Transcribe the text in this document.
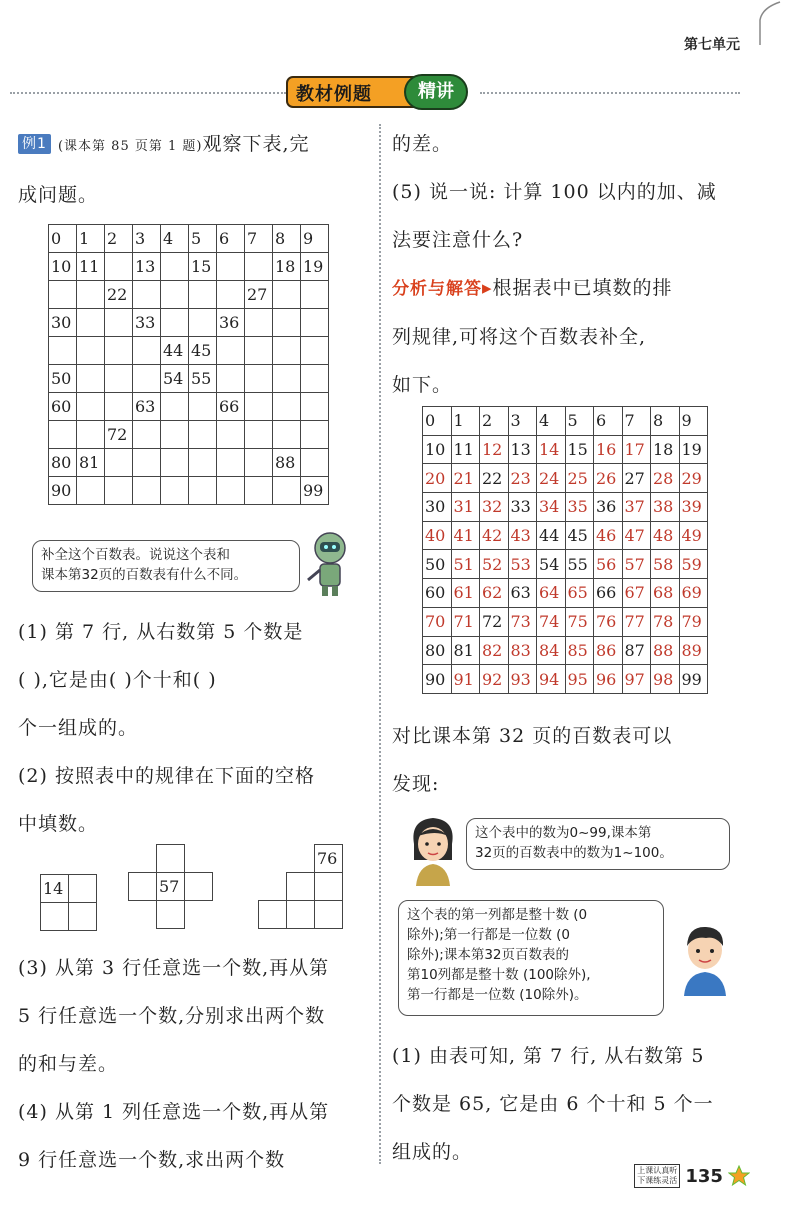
第七单元
教材例题	精讲
例1 (课本第 85 页第 1 题)观察下表,完
成问题。
0	1	2	3	4	5	6	7	8	9
10	11		13		15			18	19
		22					27		
30			33			36			
				44	45				
50				54	55				
60			63			66			
		72							
80	81							88	
90									99
补全这个百数表。说说这个表和
课本第32页的百数表有什么不同。
(1) 第 7 行, 从右数第 5 个数是
( ),它是由( )个十和( )
个一组成的。
(2) 按照表中的规律在下面的空格
中填数。
14	

		57	

		76

(3) 从第 3 行任意选一个数,再从第
5 行任意选一个数,分别求出两个数
的和与差。
(4) 从第 1 列任意选一个数,再从第
9 行任意选一个数,求出两个数
的差。
(5) 说一说: 计算 100 以内的加、减
法要注意什么?
分析与解答▸根据表中已填数的排
列规律,可将这个百数表补全,
如下。
0	1	2	3	4	5	6	7	8	9
10	11	12	13	14	15	16	17	18	19
20	21	22	23	24	25	26	27	28	29
30	31	32	33	34	35	36	37	38	39
40	41	42	43	44	45	46	47	48	49
50	51	52	53	54	55	56	57	58	59
60	61	62	63	64	65	66	67	68	69
70	71	72	73	74	75	76	77	78	79
80	81	82	83	84	85	86	87	88	89
90	91	92	93	94	95	96	97	98	99
对比课本第 32 页的百数表可以
发现:
这个表中的数为0~99,课本第
32页的百数表中的数为1~100。
这个表的第一列都是整十数 (0
除外);第一行都是一位数 (0
除外);课本第32页百数表的
第10列都是整十数 (100除外),
第一行都是一位数 (10除外)。
(1) 由表可知, 第 7 行, 从右数第 5
个数是 65, 它是由 6 个十和 5 个一
组成的。
上课认真听
下课练灵活 135
